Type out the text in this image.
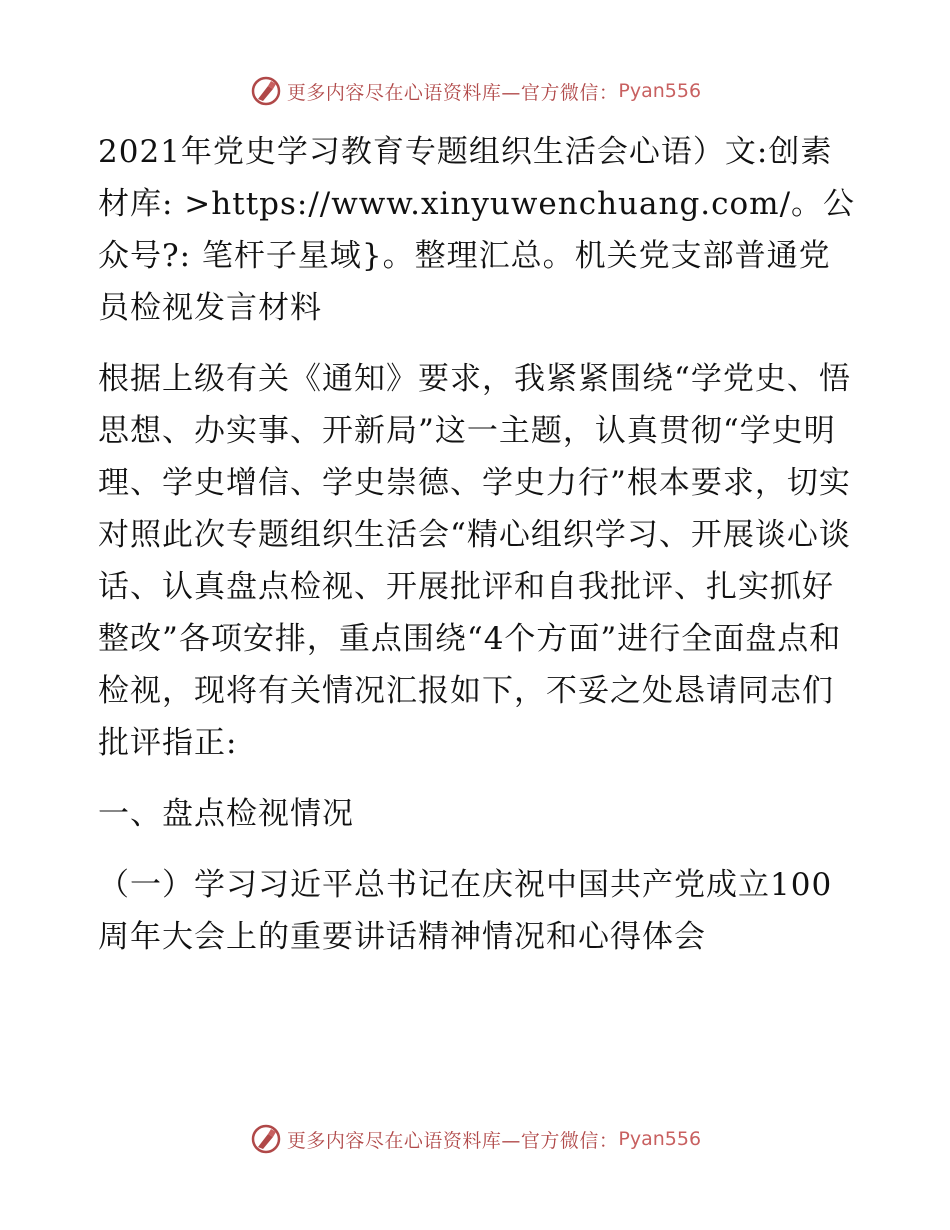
更多内容尽在心语资料库—官方微信： Pyan556

2021年党史学习教育专题组织生活会心语）文:创素材库: >https://www.xinyuwenchuang.com/。公众号?: 笔杆子星域}。整理汇总。机关党支部普通党员检视发言材料

根据上级有关《通知》要求，我紧紧围绕“学党史、悟思想、办实事、开新局”这一主题，认真贯彻“学史明理、学史增信、学史崇德、学史力行”根本要求，切实对照此次专题组织生活会“精心组织学习、开展谈心谈话、认真盘点检视、开展批评和自我批评、扎实抓好整改”各项安排，重点围绕“4个方面”进行全面盘点和检视，现将有关情况汇报如下，不妥之处恳请同志们批评指正:

一、盘点检视情况

（一）学习习近平总书记在庆祝中国共产党成立100周年大会上的重要讲话精神情况和心得体会

更多内容尽在心语资料库—官方微信： Pyan556
